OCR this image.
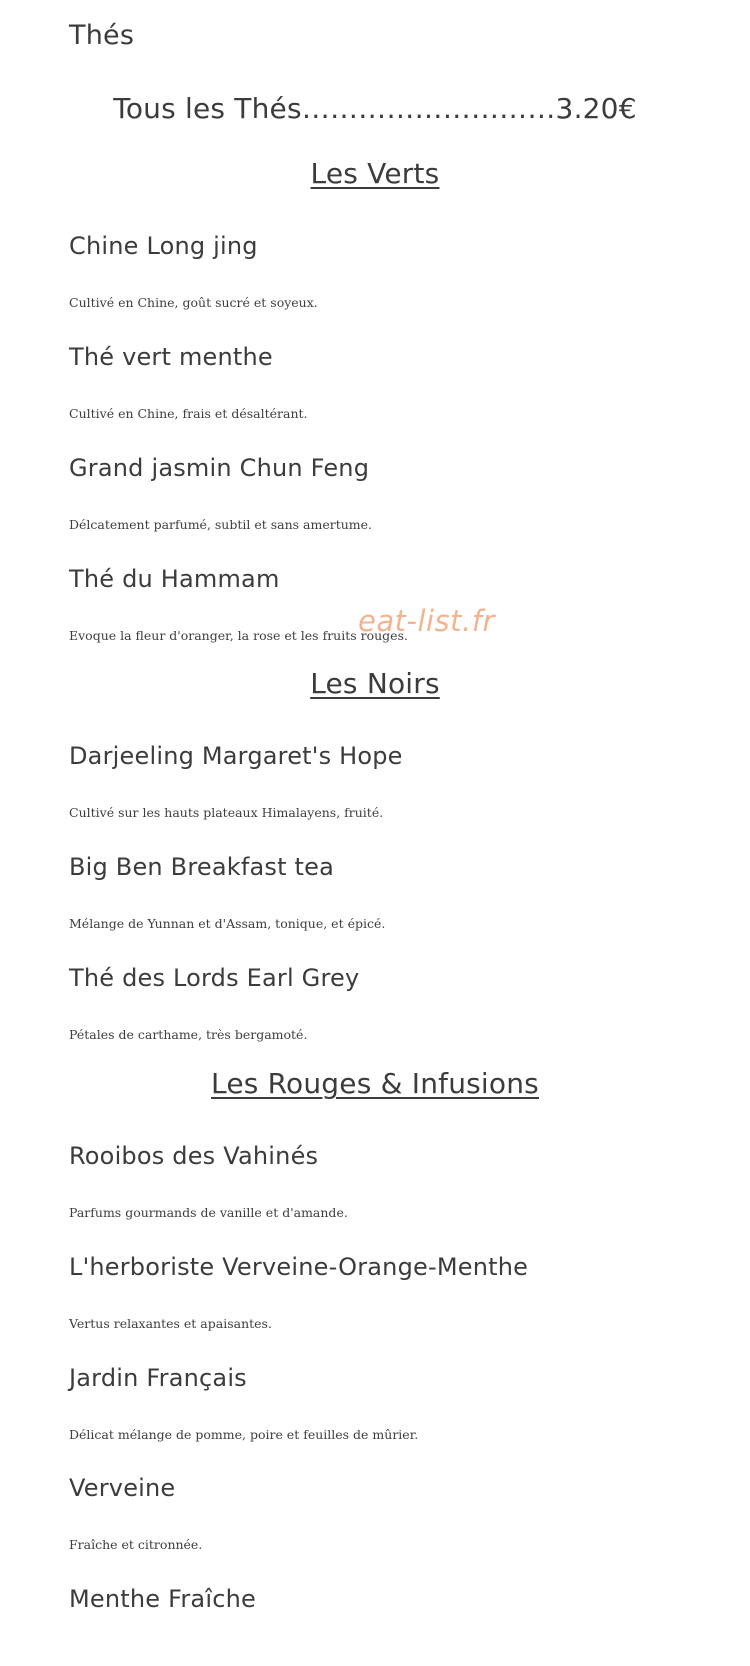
Thés

Tous les Thés………………………3.20€

Les Verts
Chine Long jing

Cultivé en Chine, goût sucré et soyeux.

Thé vert menthe

Cultivé en Chine, frais et désaltérant.

Grand jasmin Chun Feng

Délcatement parfumé, subtil et sans amertume.

Thé du Hammam

Evoque la fleur d'oranger, la rose et les fruits rouges.

Les Noirs
Darjeeling Margaret's Hope

Cultivé sur les hauts plateaux Himalayens, fruité.

Big Ben Breakfast tea

Mélange de Yunnan et d'Assam, tonique, et épicé.

Thé des Lords Earl Grey

Pétales de carthame, très bergamoté.

Les Rouges & Infusions
Rooibos des Vahinés

Parfums gourmands de vanille et d'amande.

L'herboriste Verveine-Orange-Menthe

Vertus relaxantes et apaisantes.

Jardin Français

Délicat mélange de pomme, poire et feuilles de mûrier.

Verveine

Fraîche et citronnée.

Menthe Fraîche
eat-list.fr
